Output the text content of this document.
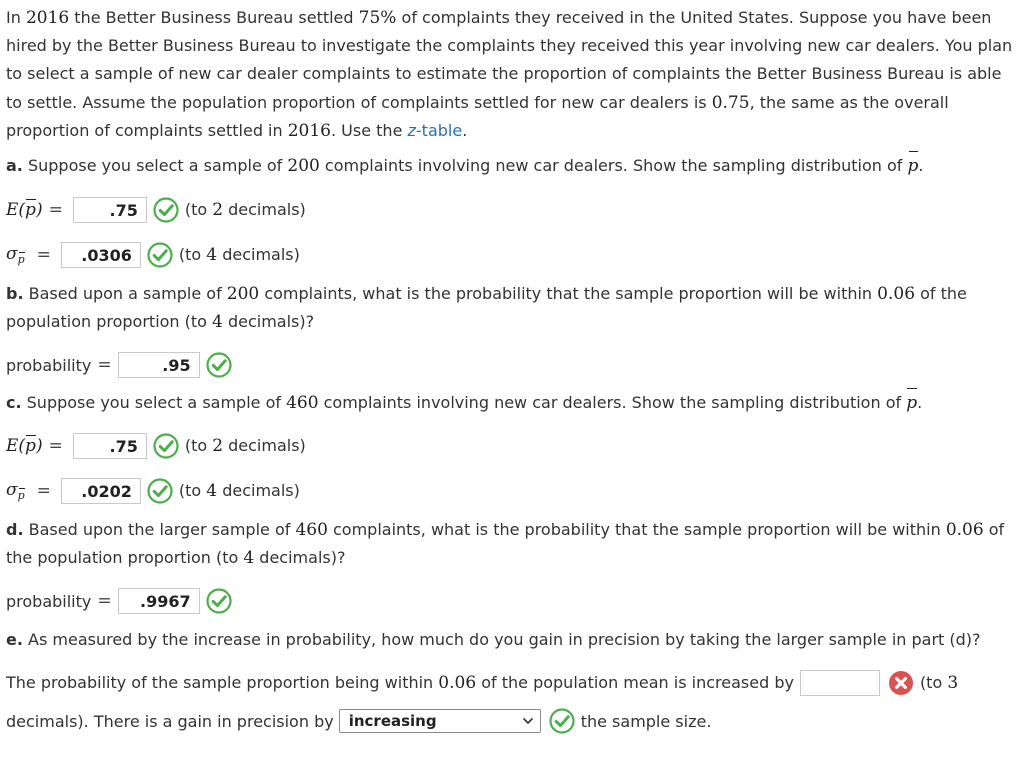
In 2016 the Better Business Bureau settled 75% of complaints they received in the United States. Suppose you have been hired by the Better Business Bureau to investigate the complaints they received this year involving new car dealers. You plan to select a sample of new car dealer complaints to estimate the proportion of complaints the Better Business Bureau is able to settle. Assume the population proportion of complaints settled for new car dealers is 0.75, the same as the overall proportion of complaints settled in 2016. Use the z-table.

a. Suppose you select a sample of 200 complaints involving new car dealers. Show the sampling distribution of p.
E(p) =	.75	(to 2 decimals)
$\sigma_p$ =	.0306	(to 4 decimals)
b. Based upon a sample of 200 complaints, what is the probability that the sample proportion will be within 0.06 of the population proportion (to 4 decimals)?
probability =	.95
c. Suppose you select a sample of 460 complaints involving new car dealers. Show the sampling distribution of p.
E(p) =	.75	(to 2 decimals)
$\sigma_p$ =	.0202	(to 4 decimals)
d. Based upon the larger sample of 460 complaints, what is the probability that the sample proportion will be within 0.06 of the population proportion (to 4 decimals)?
probability =	.9967
e. As measured by the increase in probability, how much do you gain in precision by taking the larger sample in part (d)?
The probability of the sample proportion being within 0.06 of the population mean is increased by	(to 3
decimals). There is a gain in precision by increasing	the sample size.
